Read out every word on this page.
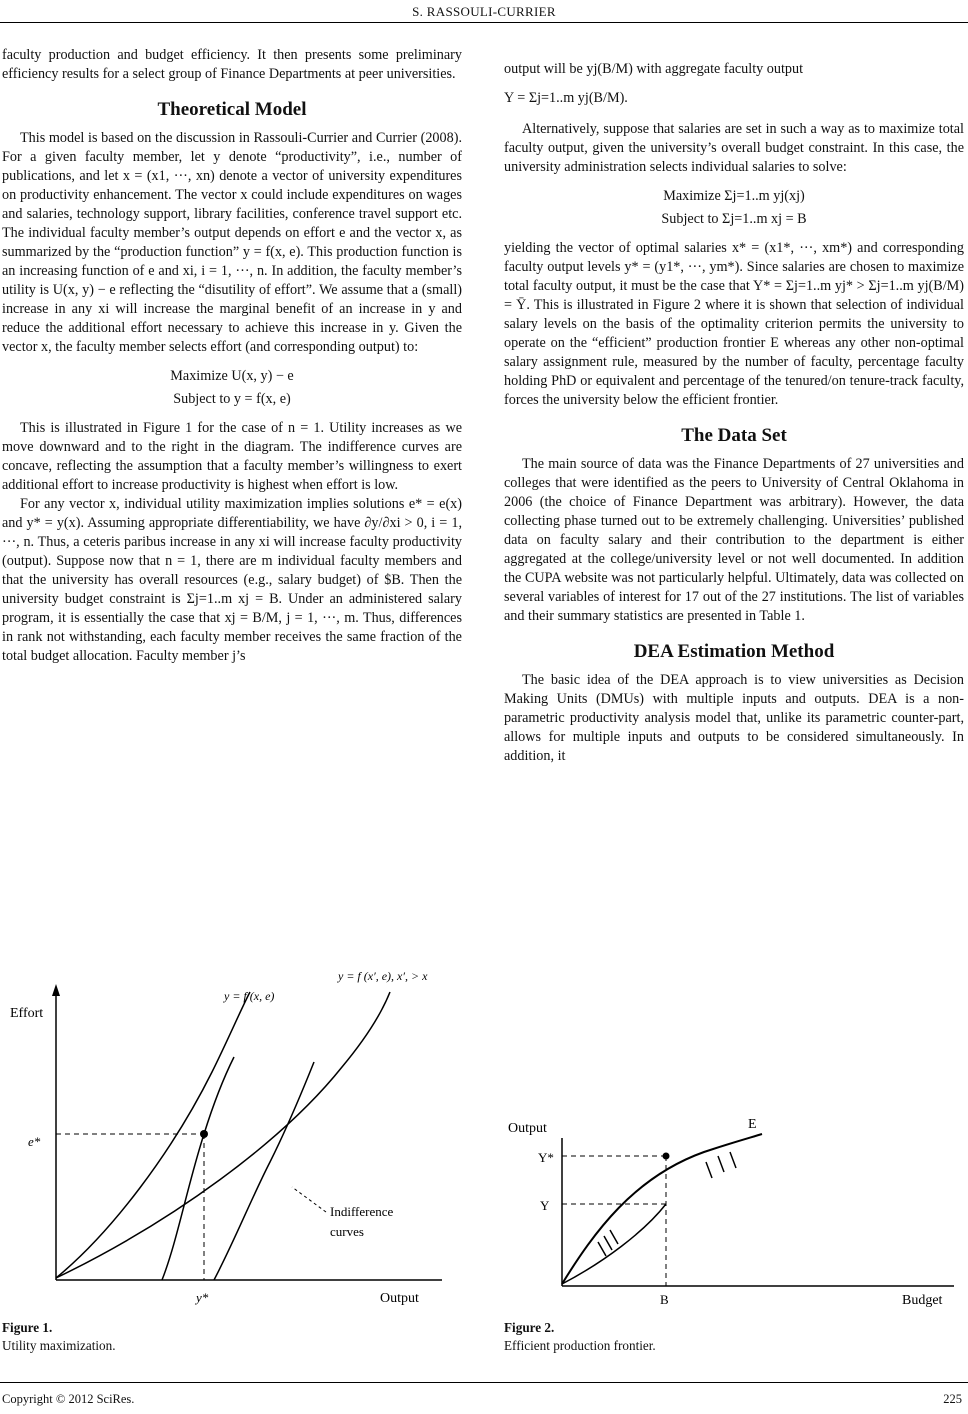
S. RASSOULI-CURRIER

faculty production and budget efficiency. It then presents some preliminary efficiency results for a select group of Finance Departments at peer universities.

Theoretical Model

This model is based on the discussion in Rassouli-Currier and Currier (2008). For a given faculty member, let y denote “productivity”, i.e., number of publications, and let x = (x1, ···, xn) denote a vector of university expenditures on productivity enhancement. The vector x could include expenditures on wages and salaries, technology support, library facilities, conference travel support etc. The individual faculty member’s output depends on effort e and the vector x, as summarized by the “production function” y = f(x, e). This production function is an increasing function of e and xi, i = 1, ···, n. In addition, the faculty member’s utility is U(x, y) − e reflecting the “disutility of effort”. We assume that a (small) increase in any xi will increase the marginal benefit of an increase in y and reduce the additional effort necessary to achieve this increase in y. Given the vector x, the faculty member selects effort (and corresponding output) to:

Maximize U(x, y) − e
Subject to y = f(x, e)

This is illustrated in Figure 1 for the case of n = 1. Utility increases as we move downward and to the right in the diagram. The indifference curves are concave, reflecting the assumption that a faculty member’s willingness to exert additional effort to increase productivity is highest when effort is low.

For any vector x, individual utility maximization implies solutions e* = e(x) and y* = y(x). Assuming appropriate differentiability, we have ∂y/∂xi > 0, i = 1, ···, n. Thus, a ceteris paribus increase in any xi will increase faculty productivity (output). Suppose now that n = 1, there are m individual faculty members and that the university has overall resources (e.g., salary budget) of $B. Then the university budget constraint is Σj=1..m xj = B. Under an administered salary program, it is essentially the case that xj = B/M, j = 1, ···, m. Thus, differences in rank not withstanding, each faculty member receives the same fraction of the total budget allocation. Faculty member j’s

output will be yj(B/M) with aggregate faculty output

Y = Σj=1..m yj(B/M).

Alternatively, suppose that salaries are set in such a way as to maximize total faculty output, given the university’s overall budget constraint. In this case, the university administration selects individual salaries to solve:

Maximize Σj=1..m yj(xj)
Subject to Σj=1..m xj = B

yielding the vector of optimal salaries x* = (x1*, ···, xm*) and corresponding faculty output levels y* = (y1*, ···, ym*). Since salaries are chosen to maximize total faculty output, it must be the case that Y* = Σj=1..m yj* > Σj=1..m yj(B/M) = Ȳ. This is illustrated in Figure 2 where it is shown that selection of individual salary levels on the basis of the optimality criterion permits the university to operate on the “efficient” production frontier E whereas any other non-optimal salary assignment rule, measured by the number of faculty, percentage faculty holding PhD or equivalent and percentage of the tenured/on tenure-track faculty, forces the university below the efficient frontier.

The Data Set

The main source of data was the Finance Departments of 27 universities and colleges that were identified as the peers to University of Central Oklahoma in 2006 (the choice of Finance Department was arbitrary). However, the data collecting phase turned out to be extremely challenging. Universities’ published data on faculty salary and their contribution to the department is either aggregated at the college/university level or not well documented. In addition the CUPA website was not particularly helpful. Ultimately, data was collected on several variables of interest for 17 out of the 27 institutions. The list of variables and their summary statistics are presented in Table 1.

DEA Estimation Method

The basic idea of the DEA approach is to view universities as Decision Making Units (DMUs) with multiple inputs and outputs. DEA is a non-parametric productivity analysis model that, unlike its parametric counter-part, allows for multiple inputs and outputs to be considered simultaneously. In addition, it

Effort
Output
y = f (x, e)
y = f (x′, e), x′, > x
e*
y*
Indifference
curves
Figure 1.
Utility maximization.
Output
Budget
E
Y*
Y
B
Figure 2.
Efficient production frontier.
Copyright © 2012 SciRes.	225
